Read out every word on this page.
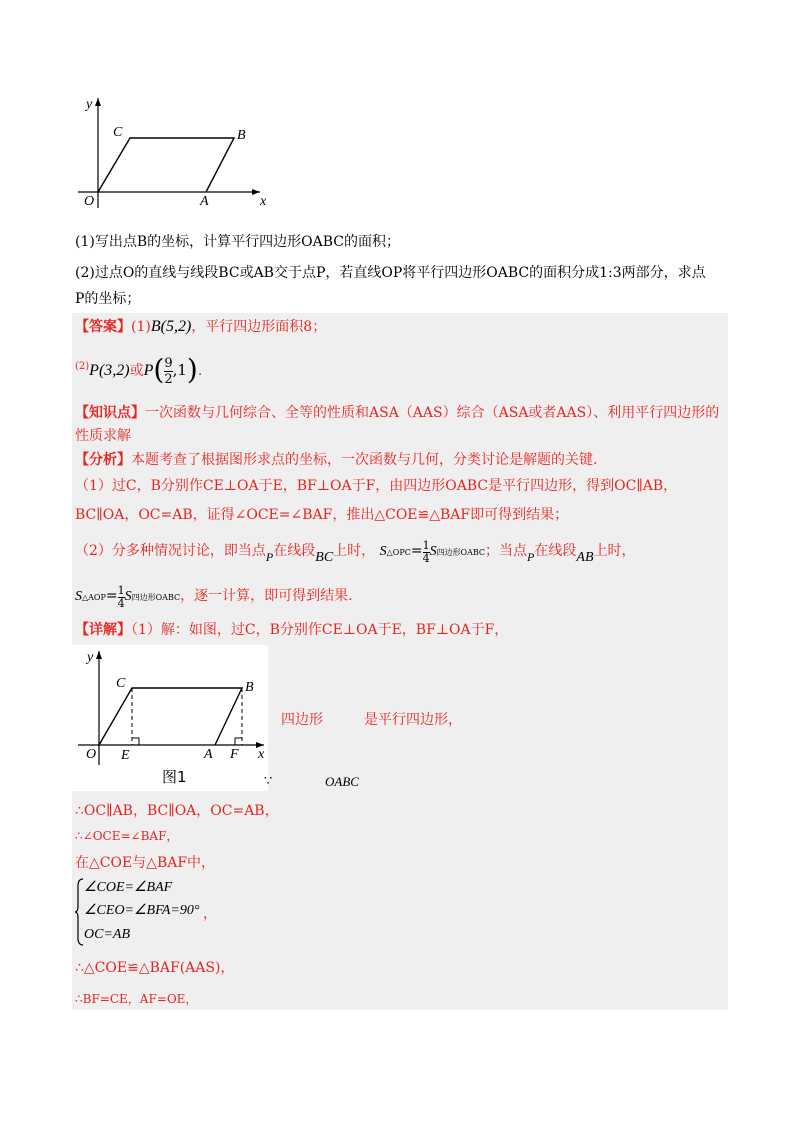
x
y
O	A
B
C
(1)写出点B的坐标，计算平行四边形OABC的面积；
(2)过点O的直线与线段BC或AB交于点P，若直线OP将平行四边形OABC的面积分成1:3两部分，求点
P的坐标；
【答案】(1)B(5,2)，平行四边形面积8；
$^{(2)}$P(3,2)或$P( \frac{9}{2} ,1)$.
【知识点】一次函数与几何综合、全等的性质和ASA（AAS）综合（ASA或者AAS）、利用平行四边形的
性质求解
【分析】本题考查了根据图形求点的坐标，一次函数与几何，分类讨论是解题的关键.
（1）过C，B分别作CE⊥OA于E，BF⊥OA于F，由四边形OABC是平行四边形，得到OC∥AB，
BC∥OA，OC=AB，证得∠OCE=∠BAF，推出△COE≌△BAF即可得到结果；
（2）分多种情况讨论，即当点P在线段BC上时， S△OPC= $\frac{1}{4}$ S四边形OABC；当点P在线段AB上时，
S△AOP= $\frac{1}{4}$ S四边形OABC，逐一计算，即可得到结果.
【详解】（1）解：如图，过C，B分别作CE⊥OA于E，BF⊥OA于F，
x
y
O E	A F
B
C
图1
四边形	是平行四边形，
∵	OABC
∴OC∥AB，BC∥OA，OC=AB，
∴∠OCE=∠BAF，
在△COE与△BAF中，
∠COE=∠BAF
∠CEO=∠BFA=90° ，
OC=AB
∴△COE≌△BAF(AAS)，
∴BF=CE，AF=OE，
